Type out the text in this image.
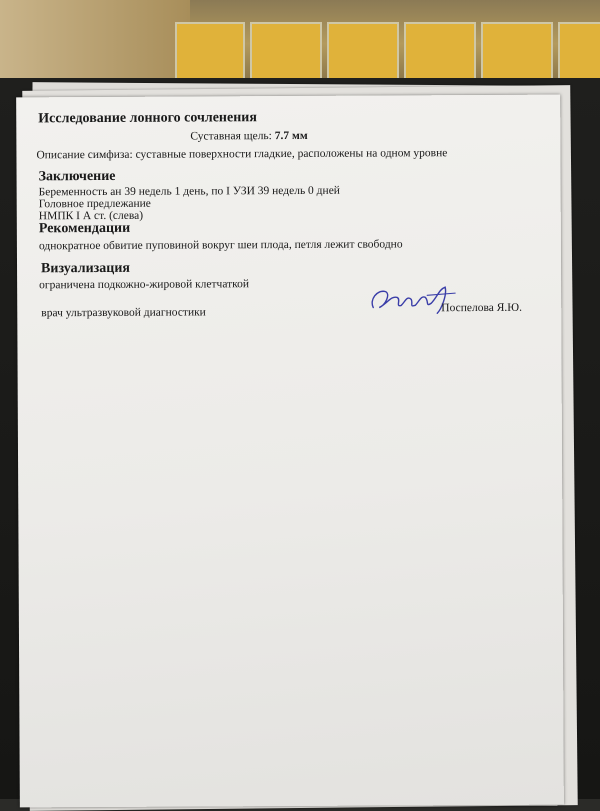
Исследование лонного сочленения
Суставная щель: 7.7 мм
Описание симфиза: суставные поверхности гладкие, расположены на одном уровне
Заключение
Беременность ан 39 недель 1 день, по I УЗИ 39 недель 0 дней
Головное предлежание
НМПК I А ст. (слева)
Рекомендации
однократное обвитие пуповиной вокруг шеи плода, петля лежит свободно
Визуализация
ограничена подкожно-жировой клетчаткой
врач ультразвуковой диагностики	Поспелова Я.Ю.
